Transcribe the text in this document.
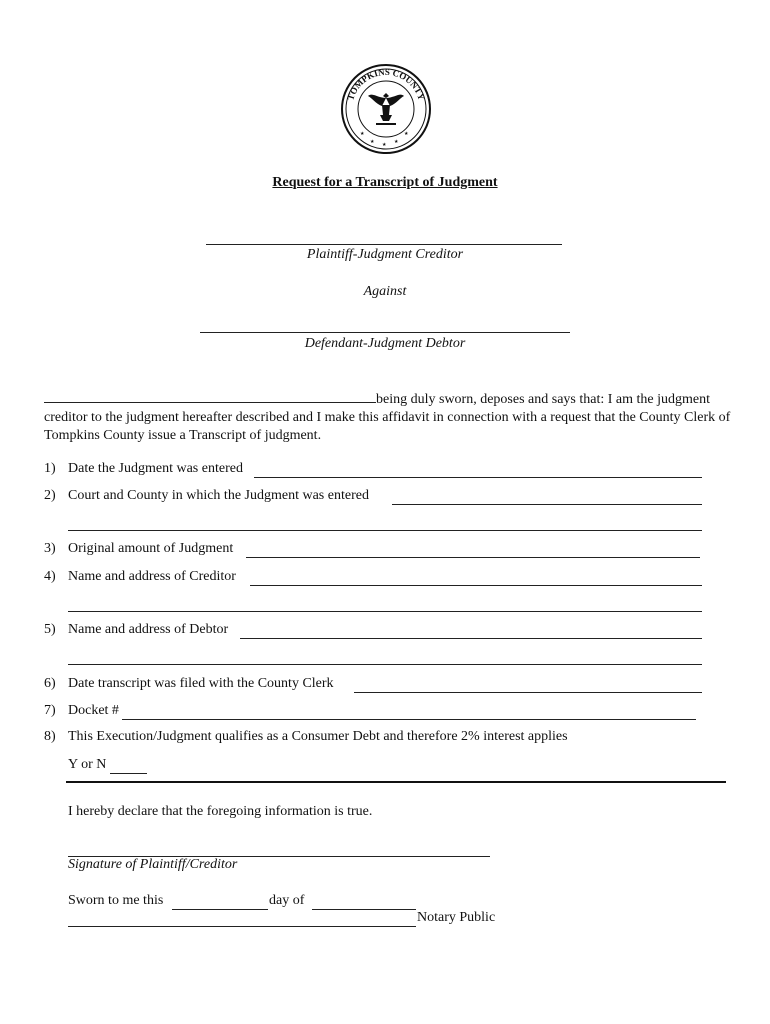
TOMPKINS COUNTY
★
★
★
★
★
Request for a Transcript of Judgment
Plaintiff-Judgment Creditor
Against
Defendant-Judgment Debtor
being duly sworn, deposes and says that: I am the judgment creditor to the judgment hereafter described and I make this affidavit in connection with a request that the County Clerk of Tompkins County issue a Transcript of judgment.
1) Date the Judgment was entered
2) Court and County in which the Judgment was entered
3) Original amount of Judgment
4) Name and address of Creditor
5) Name and address of Debtor
6) Date transcript was filed with the County Clerk
7) Docket #
8) This Execution/Judgment qualifies as a Consumer Debt and therefore 2% interest applies
Y or N
I hereby declare that the foregoing information is true.
Signature of Plaintiff/Creditor
Sworn to me this	day of
Notary Public
